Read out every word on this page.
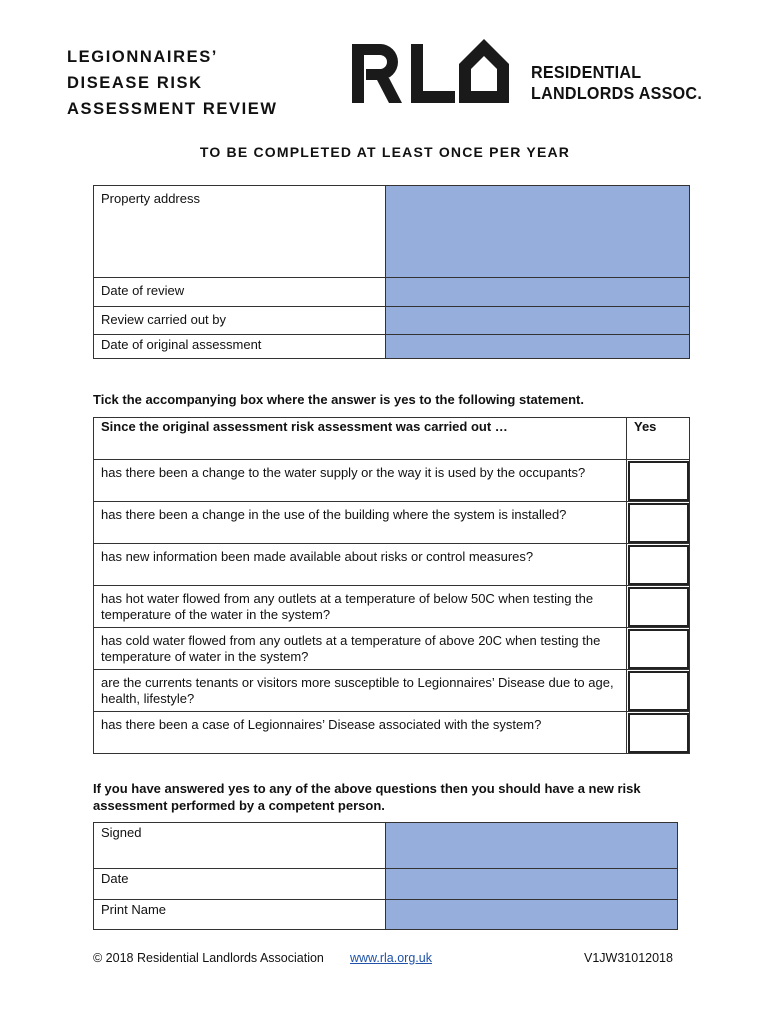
LEGIONNAIRES’
DISEASE RISK
ASSESSMENT REVIEW
RESIDENTIAL
LANDLORDS ASSOC.
TO BE COMPLETED AT LEAST ONCE PER YEAR
Property address	
Date of review	
Review carried out by	
Date of original assessment	
Tick the accompanying box where the answer is yes to the following statement.
Since the original assessment risk assessment was carried out …	Yes
has there been a change to the water supply or the way it is used by the occupants?	

has there been a change in the use of the building where the system is installed?	

has new information been made available about risks or control measures?	

has hot water flowed from any outlets at a temperature of below 50C when testing the temperature of the water in the system?	

has cold water flowed from any outlets at a temperature of above 20C when testing the temperature of water in the system?	

are the currents tenants or visitors more susceptible to Legionnaires’ Disease due to age, health, lifestyle?	

has there been a case of Legionnaires’ Disease associated with the system?	
If you have answered yes to any of the above questions then you should have a new risk assessment performed by a competent person.
Signed	
Date	
Print Name	
© 2018 Residential Landlords Association www.rla.org.uk	V1JW31012018
